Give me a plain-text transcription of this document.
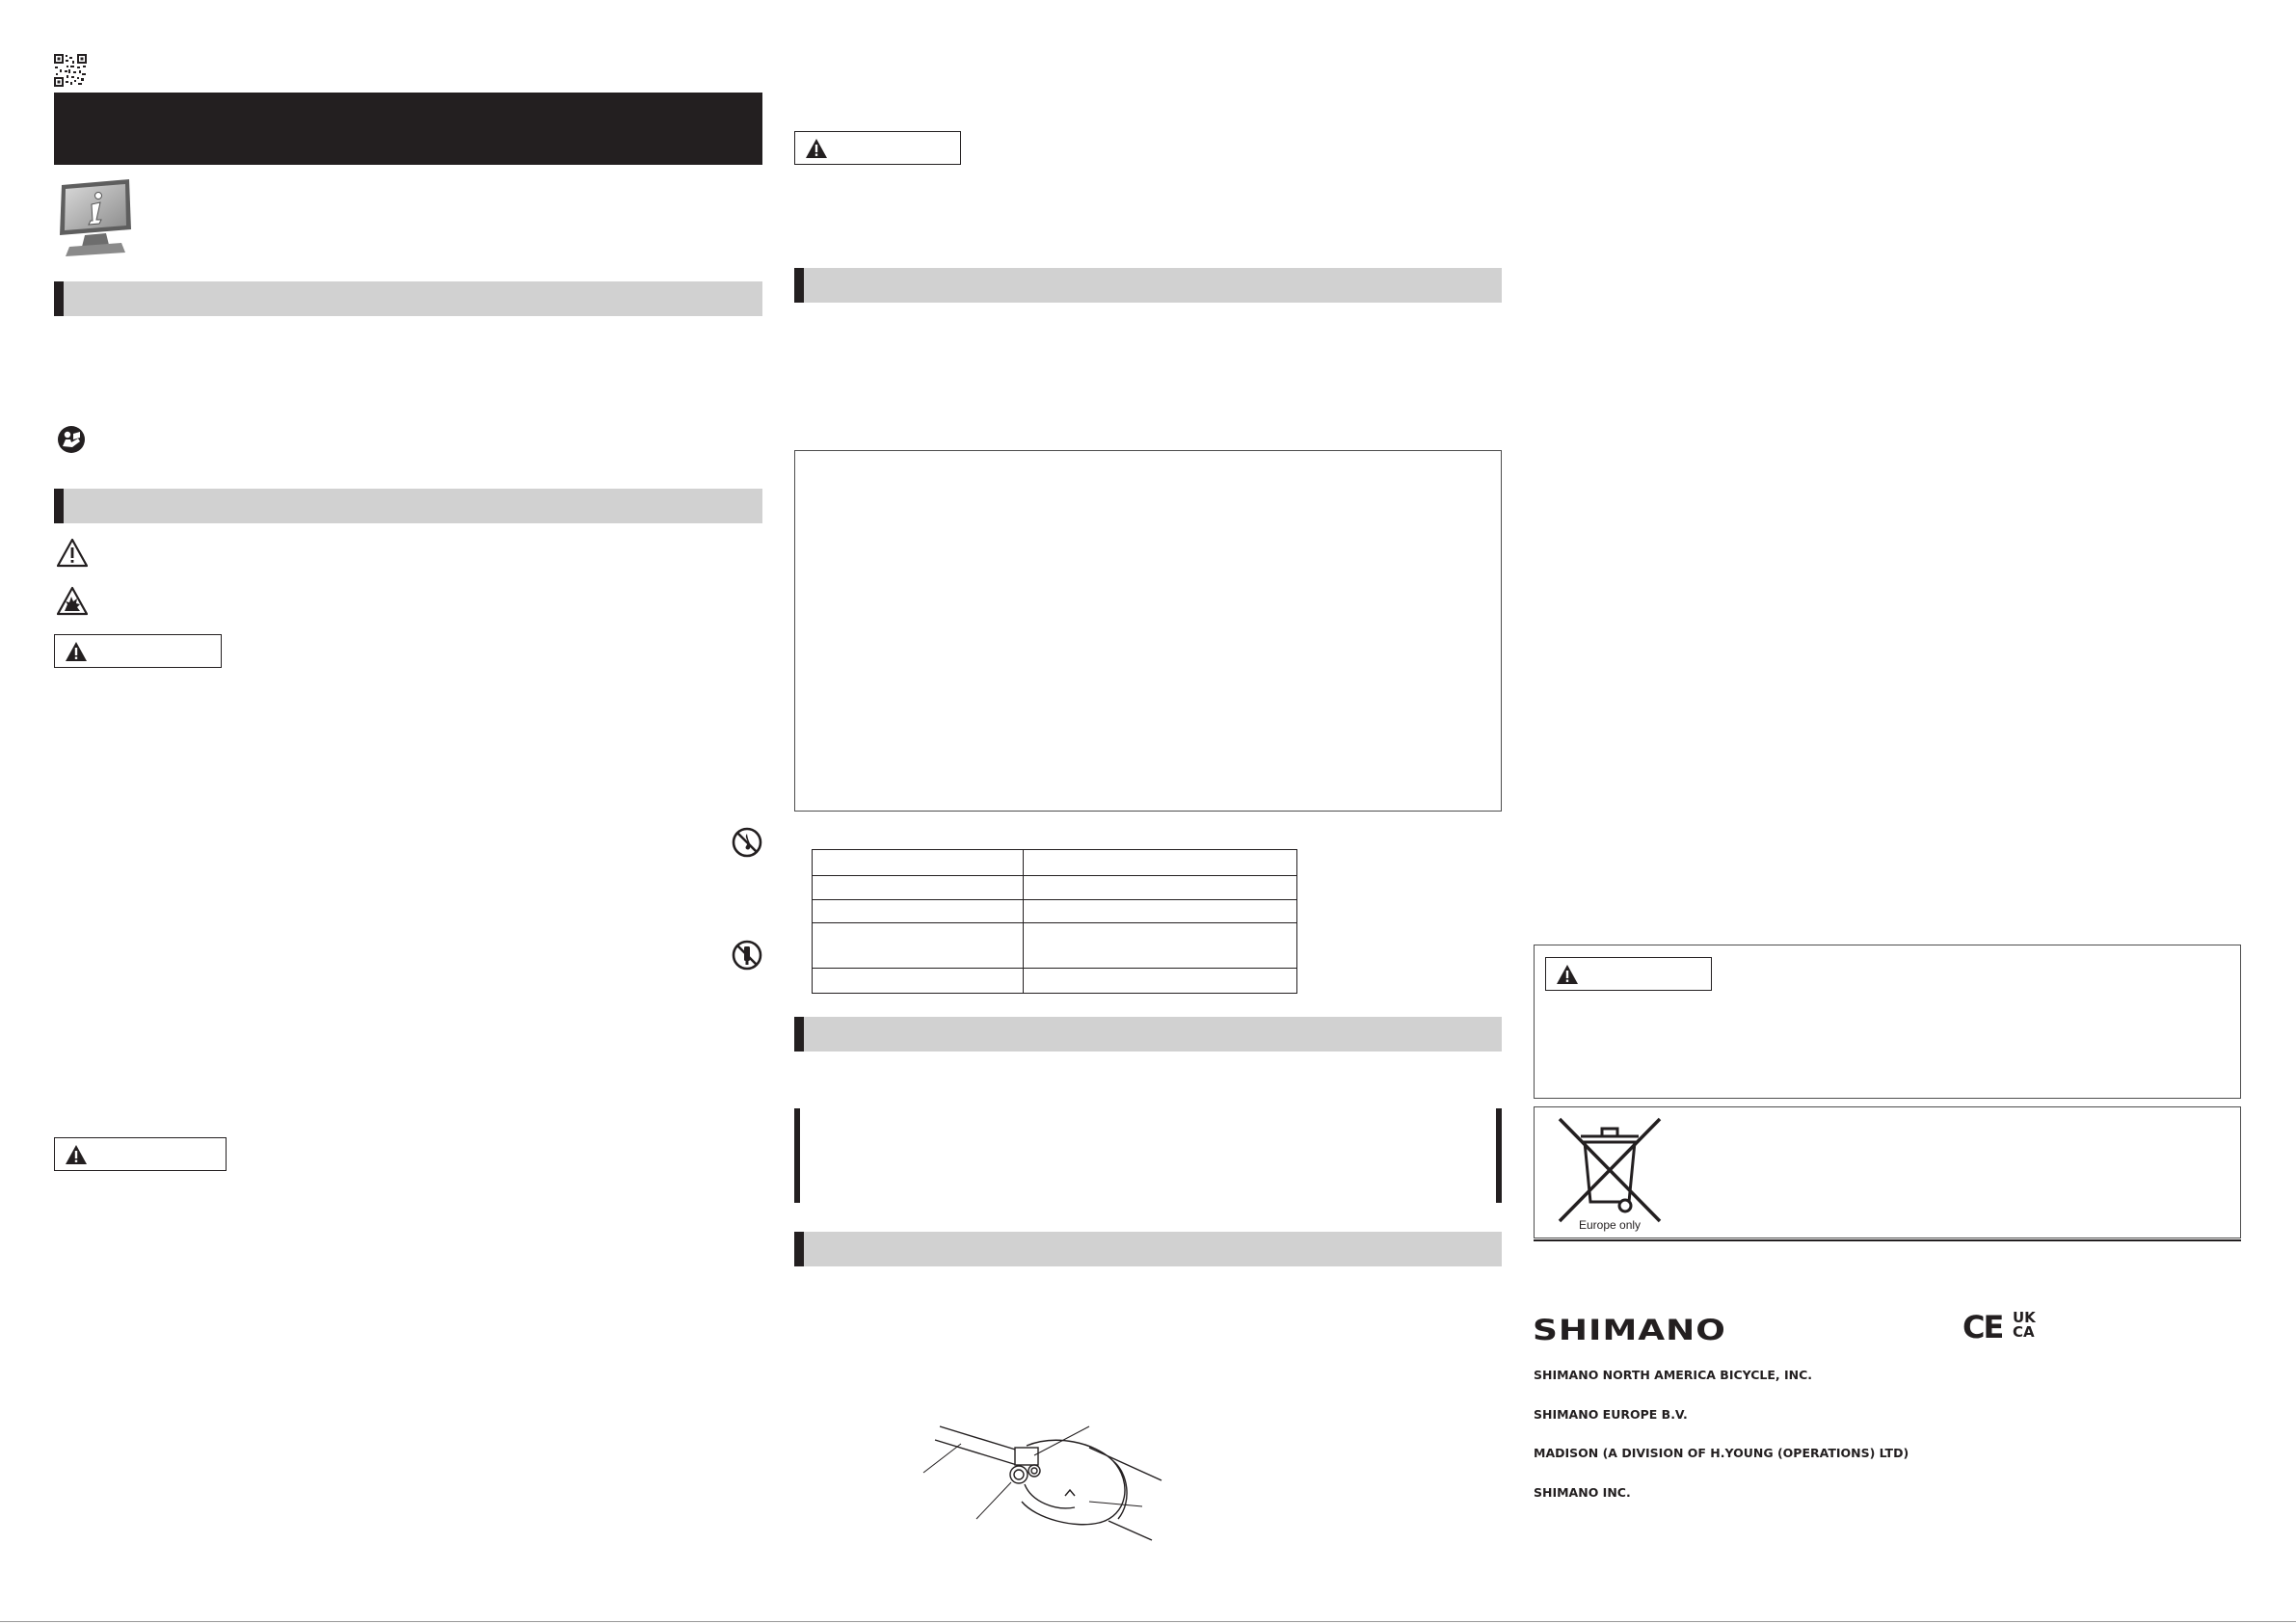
Europe only
SHIMANO	CE UK
CA
SHIMANO NORTH AMERICA BICYCLE, INC.
SHIMANO EUROPE B.V.
MADISON (A DIVISION OF H.YOUNG (OPERATIONS) LTD)
SHIMANO INC.
